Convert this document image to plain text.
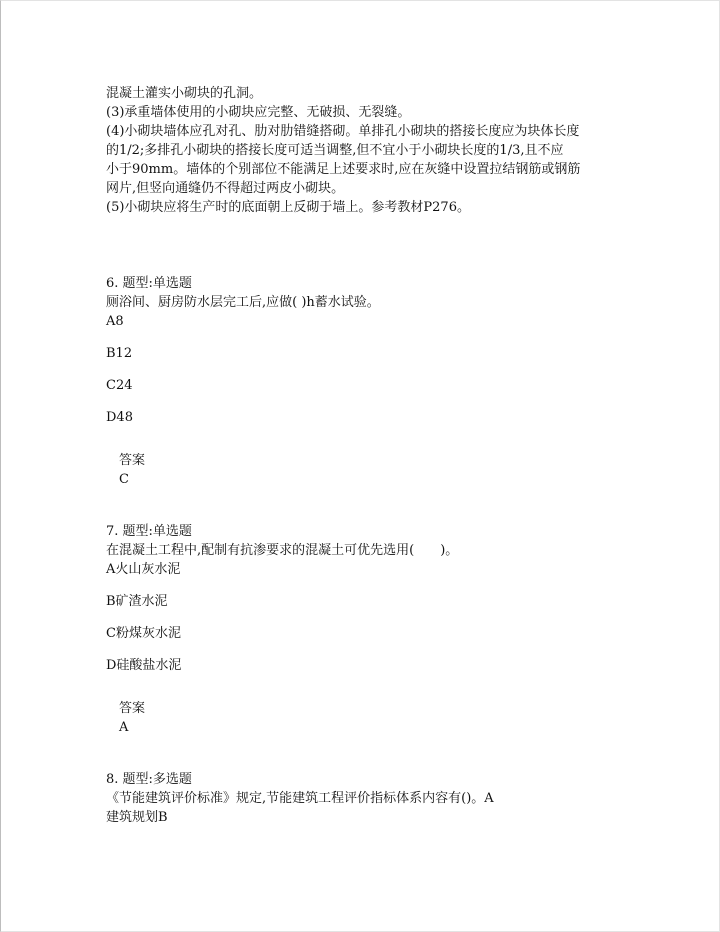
混凝土灌实小砌块的孔洞。
(3)承重墙体使用的小砌块应完整、无破损、无裂缝。
(4)小砌块墙体应孔对孔、肋对肋错缝搭砌。单排孔小砌块的搭接长度应为块体长度
的1/2;多排孔小砌块的搭接长度可适当调整,但不宜小于小砌块长度的1/3,且不应
小于90mm。墙体的个别部位不能满足上述要求时,应在灰缝中设置拉结钢筋或钢筋
网片,但竖向通缝仍不得超过两皮小砌块。
(5)小砌块应将生产时的底面朝上反砌于墙上。参考教材P276。
6. 题型:单选题
厕浴间、厨房防水层完工后,应做( )h蓄水试验。
A8
B12
C24
D48
答案
C
7. 题型:单选题
在混凝土工程中,配制有抗渗要求的混凝土可优先选用(　　)。
A火山灰水泥
B矿渣水泥
C粉煤灰水泥
D硅酸盐水泥
答案
A
8. 题型:多选题
《节能建筑评价标准》规定,节能建筑工程评价指标体系内容有()。A
建筑规划B
